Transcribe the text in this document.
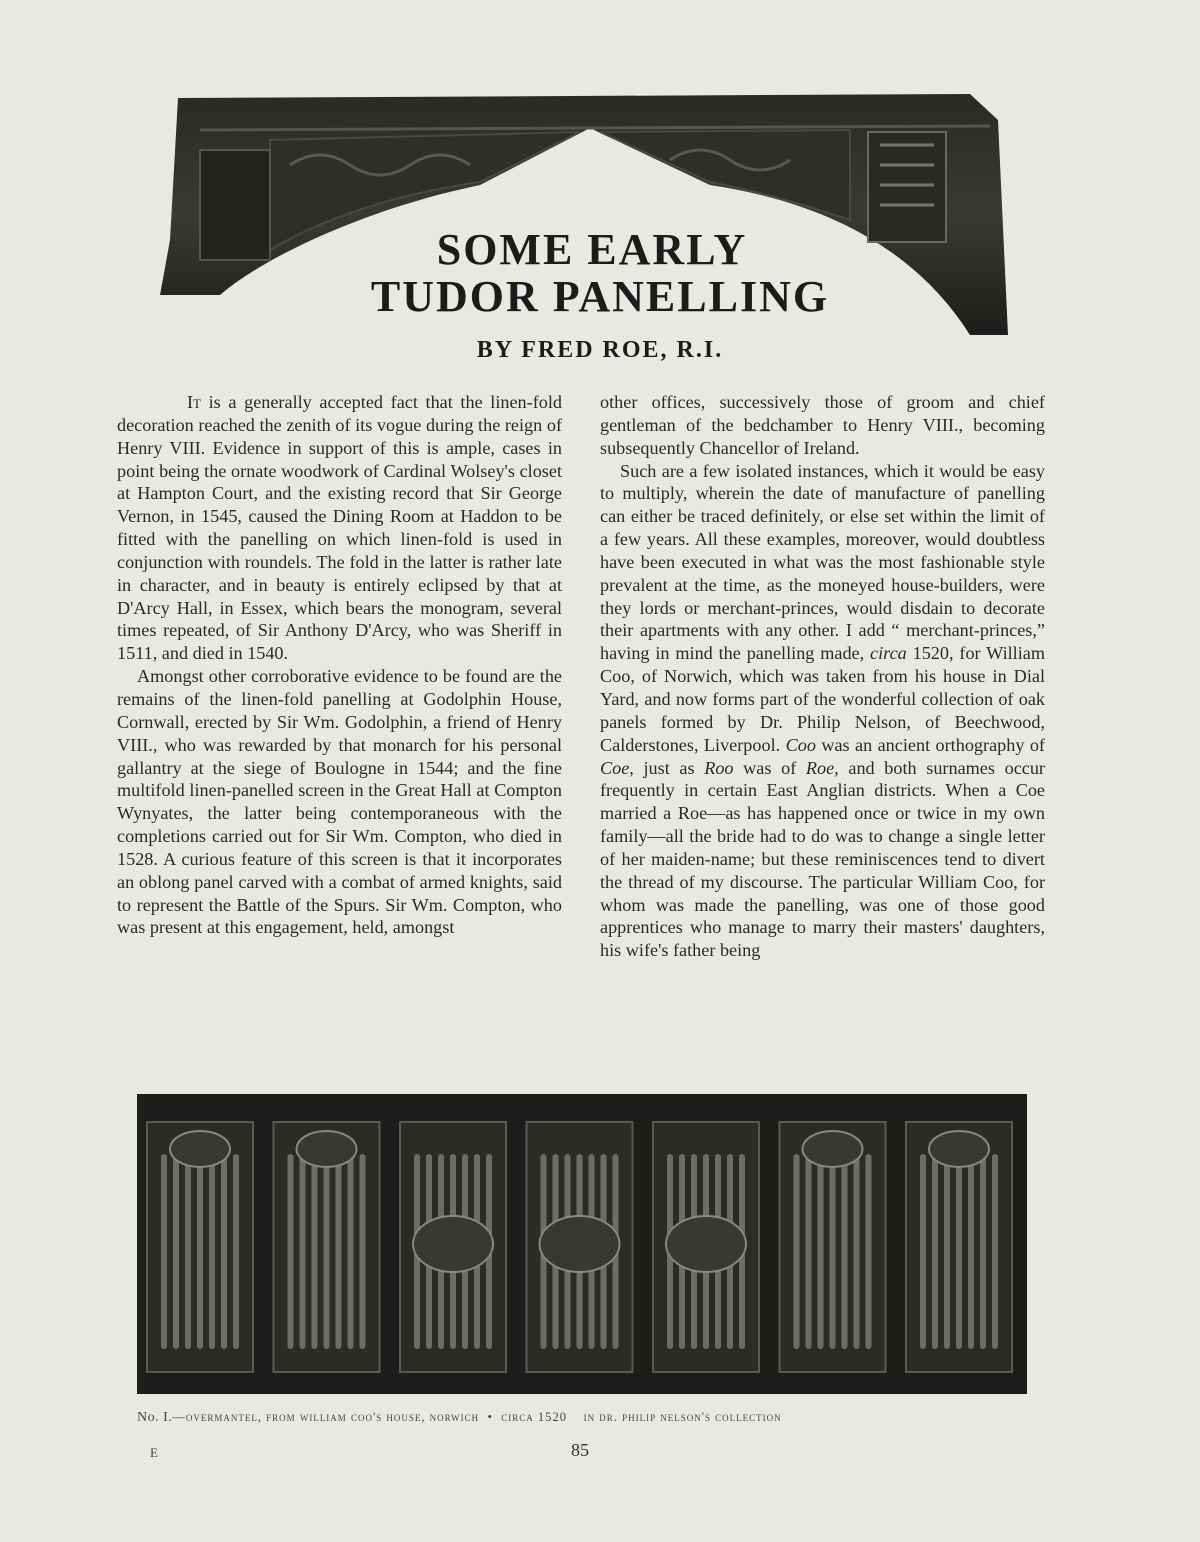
SOME EARLY
TUDOR PANELLING
BY FRED ROE, R.I.

It is a generally accepted fact that the linen-fold decoration reached the zenith of its vogue during the reign of Henry VIII. Evidence in support of this is ample, cases in point being the ornate woodwork of Cardinal Wolsey's closet at Hampton Court, and the existing record that Sir George Vernon, in 1545, caused the Dining Room at Haddon to be fitted with the panelling on which linen-fold is used in conjunction with roundels. The fold in the latter is rather late in character, and in beauty is entirely eclipsed by that at D'Arcy Hall, in Essex, which bears the monogram, several times repeated, of Sir Anthony D'Arcy, who was Sheriff in 1511, and died in 1540.

Amongst other corroborative evidence to be found are the remains of the linen-fold panelling at Godolphin House, Cornwall, erected by Sir Wm. Godolphin, a friend of Henry VIII., who was rewarded by that monarch for his personal gallantry at the siege of Boulogne in 1544; and the fine multifold linen-panelled screen in the Great Hall at Compton Wynyates, the latter being contemporaneous with the completions carried out for Sir Wm. Compton, who died in 1528. A curious feature of this screen is that it incorporates an oblong panel carved with a combat of armed knights, said to represent the Battle of the Spurs. Sir Wm. Compton, who was present at this engagement, held, amongst

other offices, successively those of groom and chief gentleman of the bedchamber to Henry VIII., becoming subsequently Chancellor of Ireland.

Such are a few isolated instances, which it would be easy to multiply, wherein the date of manufacture of panelling can either be traced definitely, or else set within the limit of a few years. All these examples, moreover, would doubtless have been executed in what was the most fashionable style prevalent at the time, as the moneyed house-builders, were they lords or merchant-princes, would disdain to decorate their apartments with any other. I add “ merchant-princes,” having in mind the panelling made, circa 1520, for William Coo, of Norwich, which was taken from his house in Dial Yard, and now forms part of the wonderful collection of oak panels formed by Dr. Philip Nelson, of Beechwood, Calderstones, Liverpool. Coo was an ancient orthography of Coe, just as Roo was of Roe, and both surnames occur frequently in certain East Anglian districts. When a Coe married a Roe—as has happened once or twice in my own family—all the bride had to do was to change a single letter of her maiden-name; but these reminiscences tend to divert the thread of my discourse. The particular William Coo, for whom was made the panelling, was one of those good apprentices who manage to marry their masters' daughters, his wife's father being

No. I.—overmantel, from william coo's house, norwich • circa 1520 in dr. philip nelson's collection
E	85
